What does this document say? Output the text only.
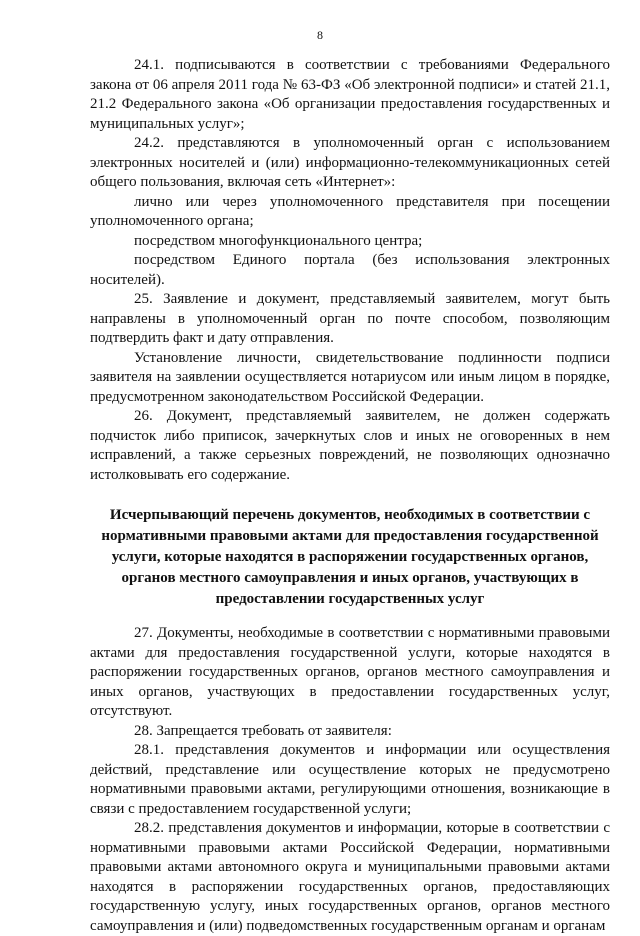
8

24.1. подписываются в соответствии с требованиями Федерального закона от 06 апреля 2011 года № 63-ФЗ «Об электронной подписи» и статей 21.1, 21.2 Федерального закона «Об организации предоставления государственных и муниципальных услуг»;

24.2. представляются в уполномоченный орган с использованием электронных носителей и (или) информационно-телекоммуникационных сетей общего пользования, включая сеть «Интернет»:

лично или через уполномоченного представителя при посещении уполномоченного органа;

посредством многофункционального центра;

посредством Единого портала (без использования электронных носителей).

25. Заявление и документ, представляемый заявителем, могут быть направлены в уполномоченный орган по почте способом, позволяющим подтвердить факт и дату отправления.

Установление личности, свидетельствование подлинности подписи заявителя на заявлении осуществляется нотариусом или иным лицом в порядке, предусмотренном законодательством Российской Федерации.

26. Документ, представляемый заявителем, не должен содержать подчисток либо приписок, зачеркнутых слов и иных не оговоренных в нем исправлений, а также серьезных повреждений, не позволяющих однозначно истолковывать его содержание.

Исчерпывающий перечень документов, необходимых в соответствии с нормативными правовыми актами для предоставления государственной услуги, которые находятся в распоряжении государственных органов, органов местного самоуправления и иных органов, участвующих в предоставлении государственных услуг

27. Документы, необходимые в соответствии с нормативными правовыми актами для предоставления государственной услуги, которые находятся в распоряжении государственных органов, органов местного самоуправления и иных органов, участвующих в предоставлении государственных услуг, отсутствуют.

28. Запрещается требовать от заявителя:

28.1. представления документов и информации или осуществления действий, представление или осуществление которых не предусмотрено нормативными правовыми актами, регулирующими отношения, возникающие в связи с предоставлением государственной услуги;

28.2. представления документов и информации, которые в соответствии с нормативными правовыми актами Российской Федерации, нормативными правовыми актами автономного округа и муниципальными правовыми актами находятся в распоряжении государственных органов, предоставляющих государственную услугу, иных государственных органов, органов местного самоуправления и (или) подведомственных государственным органам и органам
